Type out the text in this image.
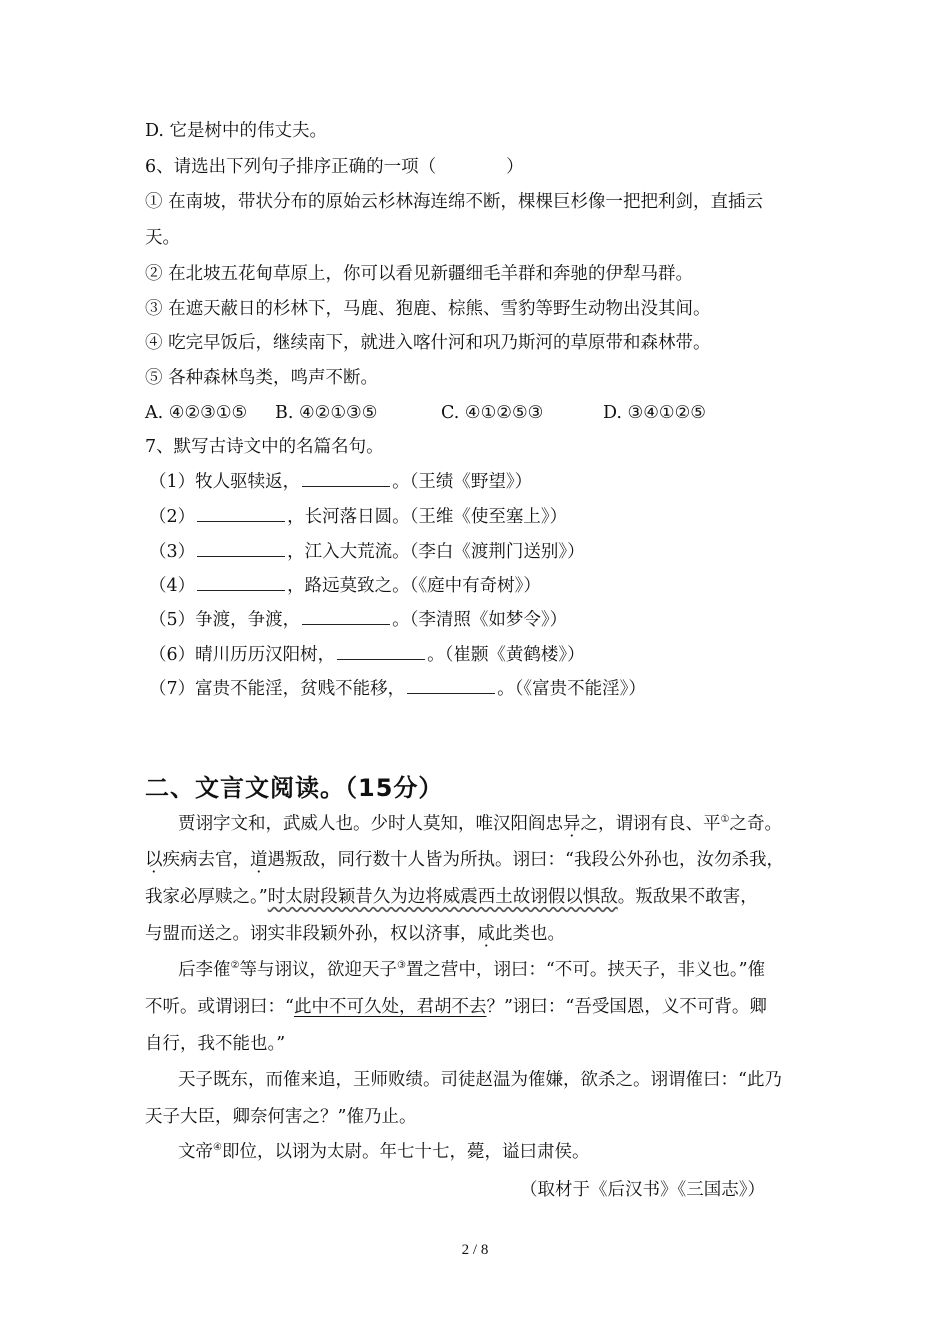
D. 它是树中的伟丈夫。
6、请选出下列句子排序正确的一项（　　　　）
① 在南坡，带状分布的原始云杉林海连绵不断，棵棵巨杉像一把把利剑，直插云
天。
② 在北坡五花甸草原上，你可以看见新疆细毛羊群和奔驰的伊犁马群。
③ 在遮天蔽日的杉林下，马鹿、狍鹿、棕熊、雪豹等野生动物出没其间。
④ 吃完早饭后，继续南下，就进入喀什河和巩乃斯河的草原带和森林带。
⑤ 各种森林鸟类，鸣声不断。
A. ④②③①⑤ B. ④②①③⑤	C. ④①②⑤③	D. ③④①②⑤
7、默写古诗文中的名篇名句。
（1）牧人驱犊返，	。（王绩《野望》）
（2）	，长河落日圆。（王维《使至塞上》）
（3）	，江入大荒流。（李白《渡荆门送别》）
（4）	，路远莫致之。（《庭中有奇树》）
（5）争渡，争渡，	。（李清照《如梦令》）
（6）晴川历历汉阳树，	。（崔颢《黄鹤楼》）
（7）富贵不能淫，贫贱不能移，	。（《富贵不能淫》）
二、文言文阅读。（15分）
贾诩字文和，武威人也。少时人莫知，唯汉阳阎忠异之，谓诩有良、平①之奇。
以疾病去官，道遇叛敌，同行数十人皆为所执。诩曰：“我段公外孙也，汝勿杀我，
我家必厚赎之。”时太尉段颖昔久为边将威震西土故诩假以惧敌。叛敌果不敢害，
与盟而送之。诩实非段颖外孙，权以济事，咸此类也。
后李傕②等与诩议，欲迎天子③置之营中，诩曰：“不可。挟天子，非义也。”傕
不听。或谓诩曰：“此中不可久处，君胡不去？”诩曰：“吾受国恩，义不可背。卿
自行，我不能也。”
天子既东，而傕来追，王师败绩。司徒赵温为傕嫌，欲杀之。诩谓傕曰：“此乃
天子大臣，卿奈何害之？”傕乃止。
文帝④即位，以诩为太尉。年七十七，薨，谥曰肃侯。
（取材于《后汉书》《三国志》）
2 / 8
